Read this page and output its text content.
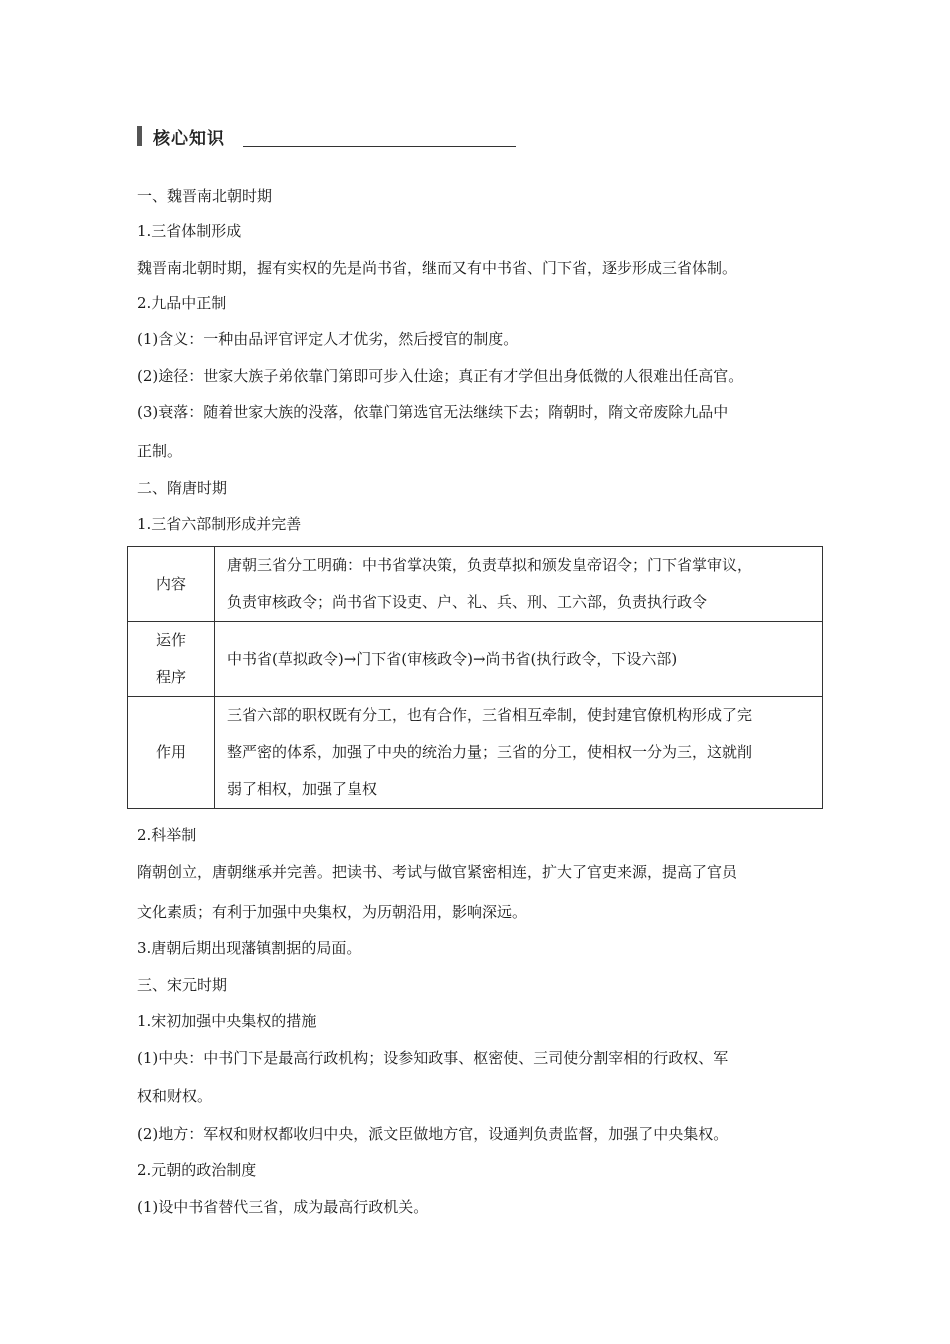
核心知识
一、魏晋南北朝时期
1.三省体制形成
魏晋南北朝时期，握有实权的先是尚书省，继而又有中书省、门下省，逐步形成三省体制。
2.九品中正制
(1)含义：一种由品评官评定人才优劣，然后授官的制度。
(2)途径：世家大族子弟依靠门第即可步入仕途；真正有才学但出身低微的人很难出任高官。
(3)衰落：随着世家大族的没落，依靠门第选官无法继续下去；隋朝时，隋文帝废除九品中
正制。
二、隋唐时期
1.三省六部制形成并完善
内容	唐朝三省分工明确：中书省掌决策，负责草拟和颁发皇帝诏令；门下省掌审议，
负责审核政令；尚书省下设吏、户、礼、兵、刑、工六部，负责执行政令

运作
程序	中书省(草拟政令)→门下省(审核政令)→尚书省(执行政令，下设六部)

作用	三省六部的职权既有分工，也有合作，三省相互牵制，使封建官僚机构形成了完
整严密的体系，加强了中央的统治力量；三省的分工，使相权一分为三，这就削
弱了相权，加强了皇权
2.科举制
隋朝创立，唐朝继承并完善。把读书、考试与做官紧密相连，扩大了官吏来源，提高了官员
文化素质；有利于加强中央集权，为历朝沿用，影响深远。
3.唐朝后期出现藩镇割据的局面。
三、宋元时期
1.宋初加强中央集权的措施
(1)中央：中书门下是最高行政机构；设参知政事、枢密使、三司使分割宰相的行政权、军
权和财权。
(2)地方：军权和财权都收归中央，派文臣做地方官，设通判负责监督，加强了中央集权。
2.元朝的政治制度
(1)设中书省替代三省，成为最高行政机关。
